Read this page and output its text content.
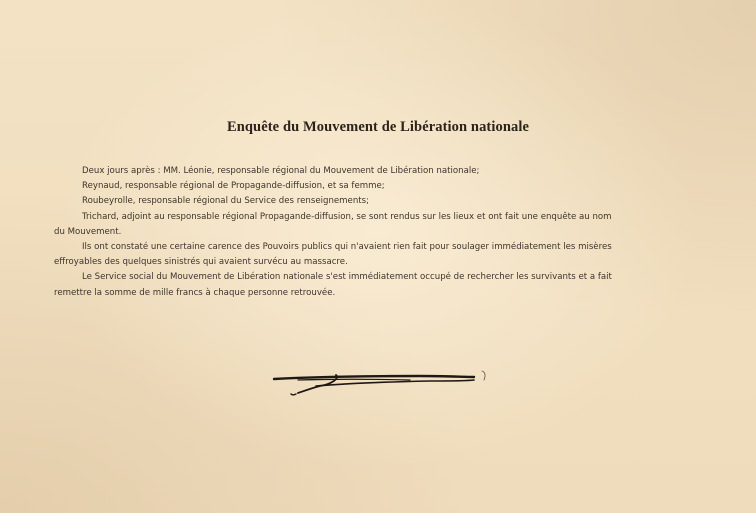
Enquête du Mouvement de Libération nationale

Deux jours après : MM. Léonie, responsable régional du Mouvement de Libération nationale;

Reynaud, responsable régional de Propagande-diffusion, et sa femme;

Roubeyrolle, responsable régional du Service des renseignements;

Trichard, adjoint au responsable régional Propagande-diffusion, se sont rendus sur les lieux et ont fait une enquête au nom

du Mouvement.

Ils ont constaté une certaine carence des Pouvoirs publics qui n'avaient rien fait pour soulager immédiatement les misères

effroyables des quelques sinistrés qui avaient survécu au massacre.

Le Service social du Mouvement de Libération nationale s'est immédiatement occupé de rechercher les survivants et a fait

remettre la somme de mille francs à chaque personne retrouvée.
